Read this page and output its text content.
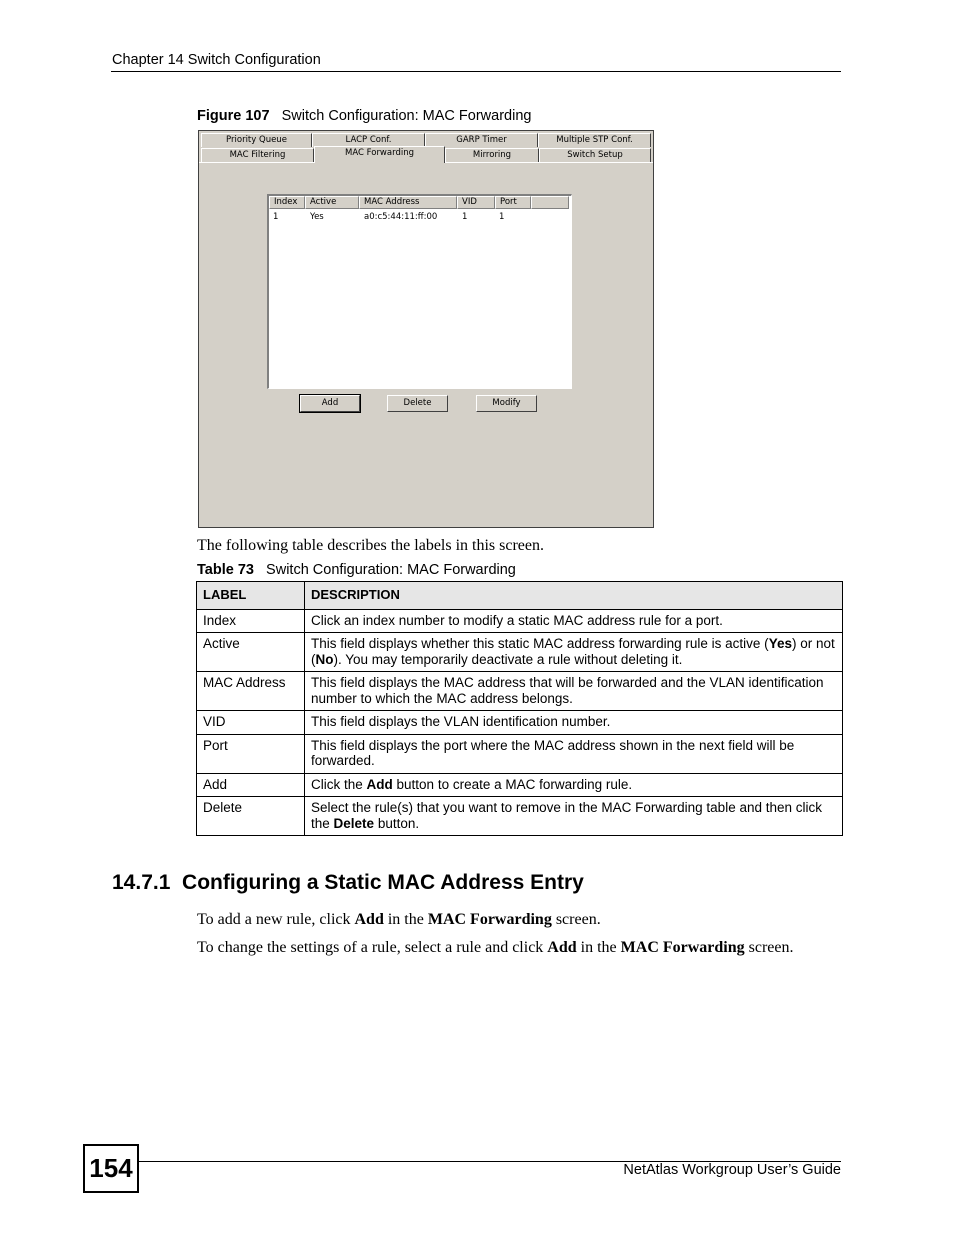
Chapter 14 Switch Configuration
Figure 107 Switch Configuration: MAC Forwarding
Priority Queue	LACP Conf.	GARP Timer	Multiple STP Conf.
MAC Filtering	MAC Forwarding	Mirroring	Switch Setup
Index	Active	MAC Address	VID	Port
1	Yes	a0:c5:44:11:ff:00	1	1
Add	Delete	Modify
The following table describes the labels in this screen.
Table 73 Switch Configuration: MAC Forwarding
LABEL	DESCRIPTION
Index	Click an index number to modify a static MAC address rule for a port.
Active	This field displays whether this static MAC address forwarding rule is active (Yes) or not (No). You may temporarily deactivate a rule without deleting it.
MAC Address	This field displays the MAC address that will be forwarded and the VLAN identification number to which the MAC address belongs.
VID	This field displays the VLAN identification number.
Port	This field displays the port where the MAC address shown in the next field will be forwarded.
Add	Click the Add button to create a MAC forwarding rule.
Delete	Select the rule(s) that you want to remove in the MAC Forwarding table and then click the Delete button.
14.7.1  Configuring a Static MAC Address Entry
To add a new rule, click Add in the MAC Forwarding screen.
To change the settings of a rule, select a rule and click Add in the MAC Forwarding screen.
154	NetAtlas Workgroup User’s Guide
